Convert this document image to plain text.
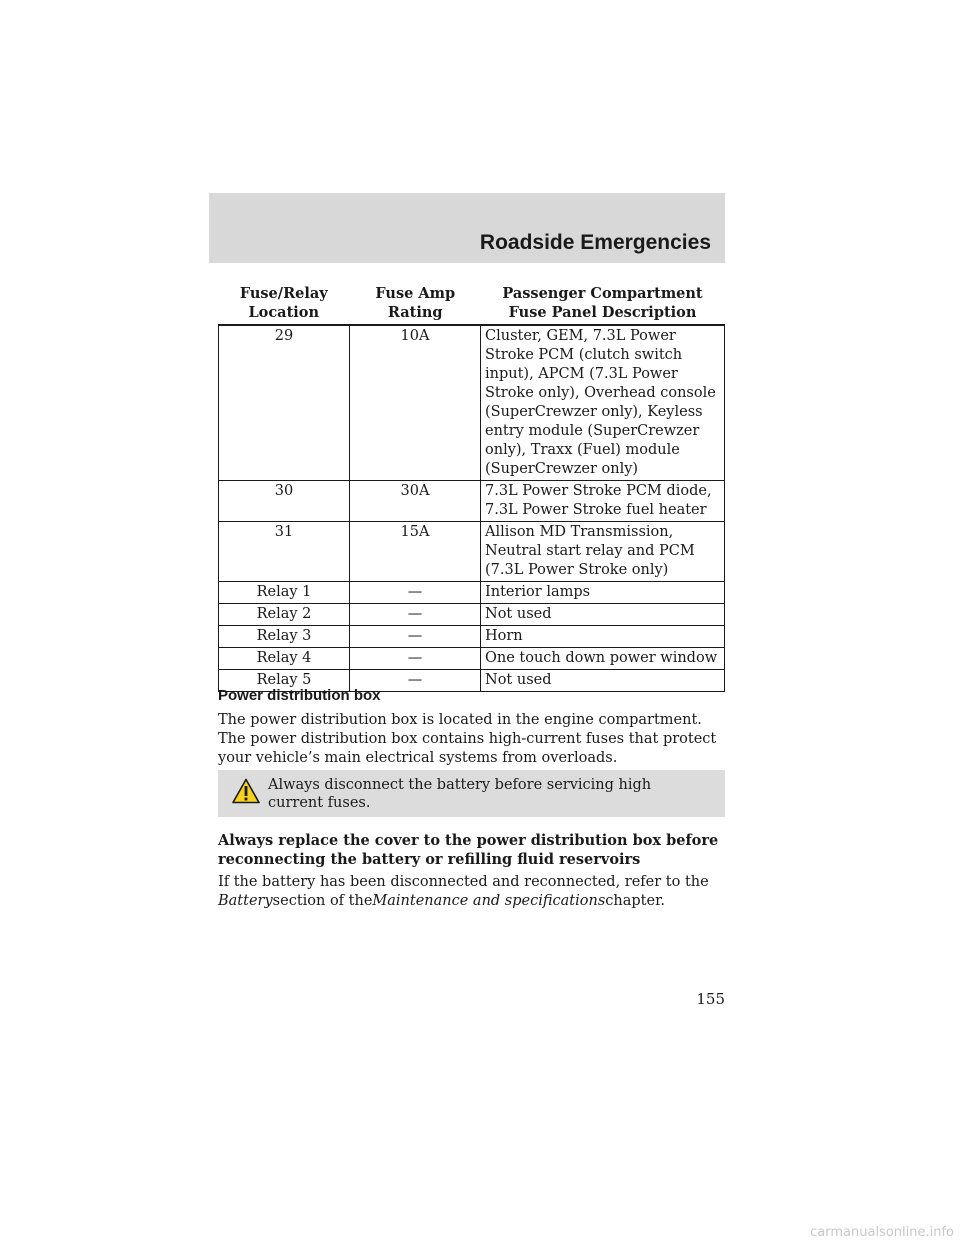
Roadside Emergencies
Fuse/Relay Location	Fuse Amp Rating	Passenger Compartment Fuse Panel Description
29	10A	Cluster, GEM, 7.3L Power Stroke PCM (clutch switch input), APCM (7.3L Power Stroke only), Overhead console (SuperCrewzer only), Keyless entry module (SuperCrewzer only), Traxx (Fuel) module (SuperCrewzer only)
30	30A	7.3L Power Stroke PCM diode, 7.3L Power Stroke fuel heater
31	15A	Allison MD Transmission, Neutral start relay and PCM (7.3L Power Stroke only)
Relay 1	—	Interior lamps
Relay 2	—	Not used
Relay 3	—	Horn
Relay 4	—	One touch down power window
Relay 5	—	Not used
Power distribution box

The power distribution box is located in the engine compartment. The power distribution box contains high-current fuses that protect your vehicle’s main electrical systems from overloads.

Always disconnect the battery before servicing high current fuses.

Always replace the cover to the power distribution box before reconnecting the battery or refilling fluid reservoirs

If the battery has been disconnected and reconnected, refer to the Batterysection of theMaintenance and specificationschapter.

155

carmanualsonline.info
